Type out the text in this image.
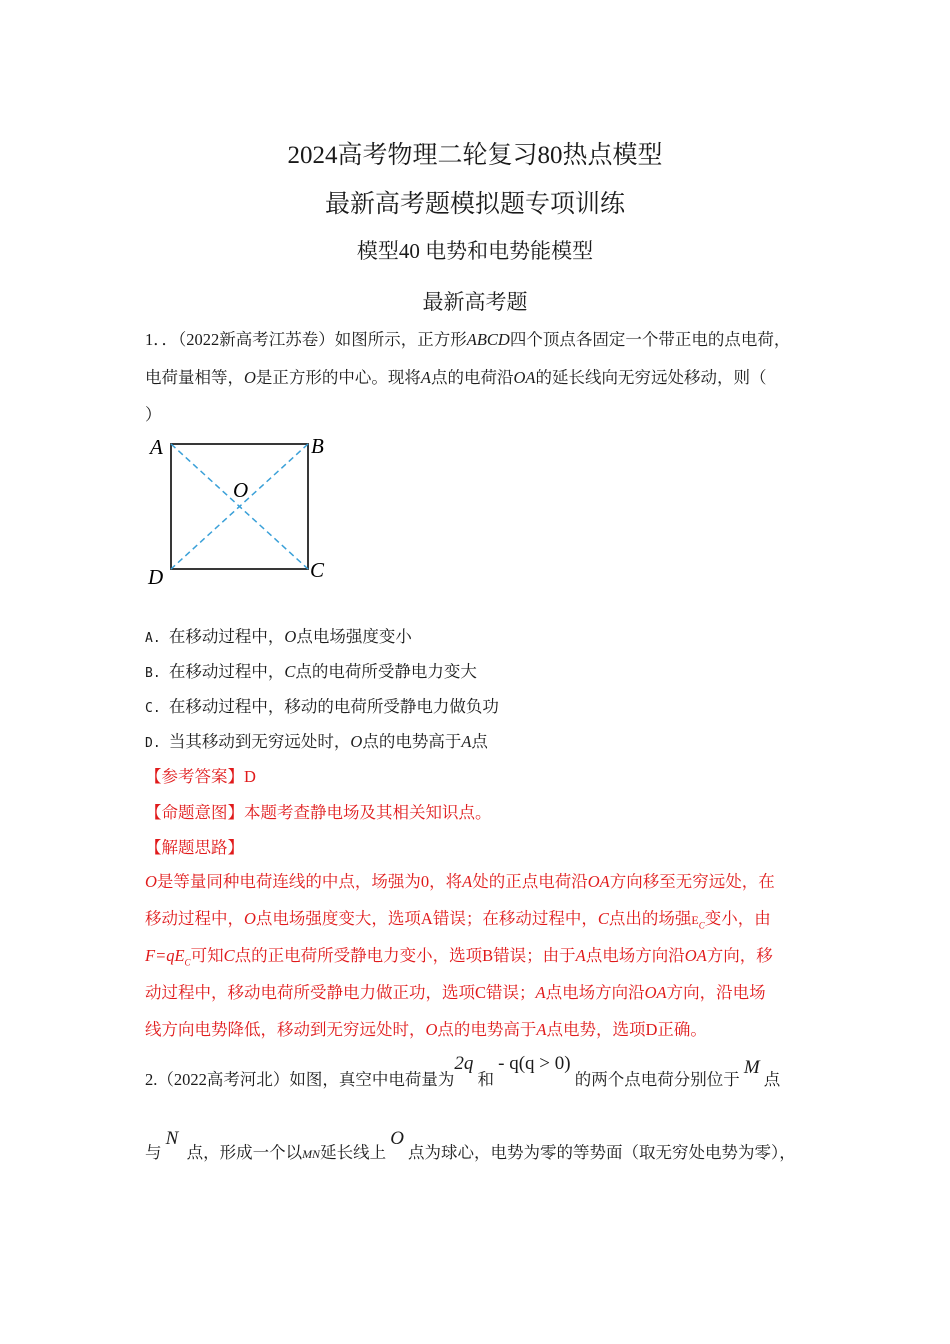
2024高考物理二轮复习80热点模型
最新高考题模拟题专项训练
模型40 电势和电势能模型
最新高考题
1．．（2022新高考江苏卷）如图所示，正方形ABCD四个顶点各固定一个带正电的点电荷，
电荷量相等，O是正方形的中心。现将A点的电荷沿OA的延长线向无穷远处移动，则（
）
A	B
C
D
O
A. 在移动过程中，O点电场强度变小
B. 在移动过程中，C点的电荷所受静电力变大
C. 在移动过程中，移动的电荷所受静电力做负功
D. 当其移动到无穷远处时，O点的电势高于A点
【参考答案】D
【命题意图】本题考查静电场及其相关知识点。
【解题思路】
O是等量同种电荷连线的中点，场强为0，将A处的正点电荷沿OA方向移至无穷远处，在
移动过程中，O点电场强度变大，选项A错误；在移动过程中，C点出的场强$E_C$变小，由
$F=qE_C$可知C点的正电荷所受静电力变小，选项B错误；由于A点电场方向沿OA方向，移
动过程中，移动电荷所受静电力做正功，选项C错误；A点电场方向沿OA方向，沿电场
线方向电势降低，移动到无穷远处时，O点的电势高于A点电势，选项D正确。
2.（2022高考河北）如图，真空中电荷量为2q 和 - q(q > 0) 的两个点电荷分别位于 M 点
与 N  点，形成一个以MN延长线上 O 点为球心，电势为零的等势面（取无穷处电势为零），
